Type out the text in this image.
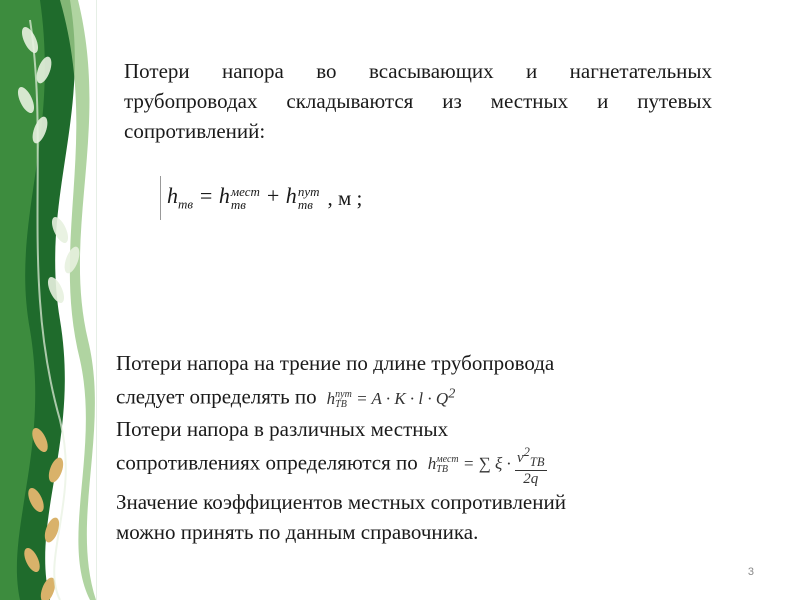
Потери напора во всасывающих и нагнетательных трубопроводах складываются из местных и путевых сопротивлений:
$h_{тв} = h$ мест
тв + h пут
тв , м ;
Потери напора на трение по длине трубопровода
следует определять по h пут
TB = $A \cdot K \cdot l \cdot Q^2$
Потери напора в различных местных
сопротивлениях определяются по h мест
TB = ∑ $\xi \cdot \frac{v^2_{TB}}{2q}$
Значение коэффициентов местных сопротивлений
можно принять по данным справочника.
3
